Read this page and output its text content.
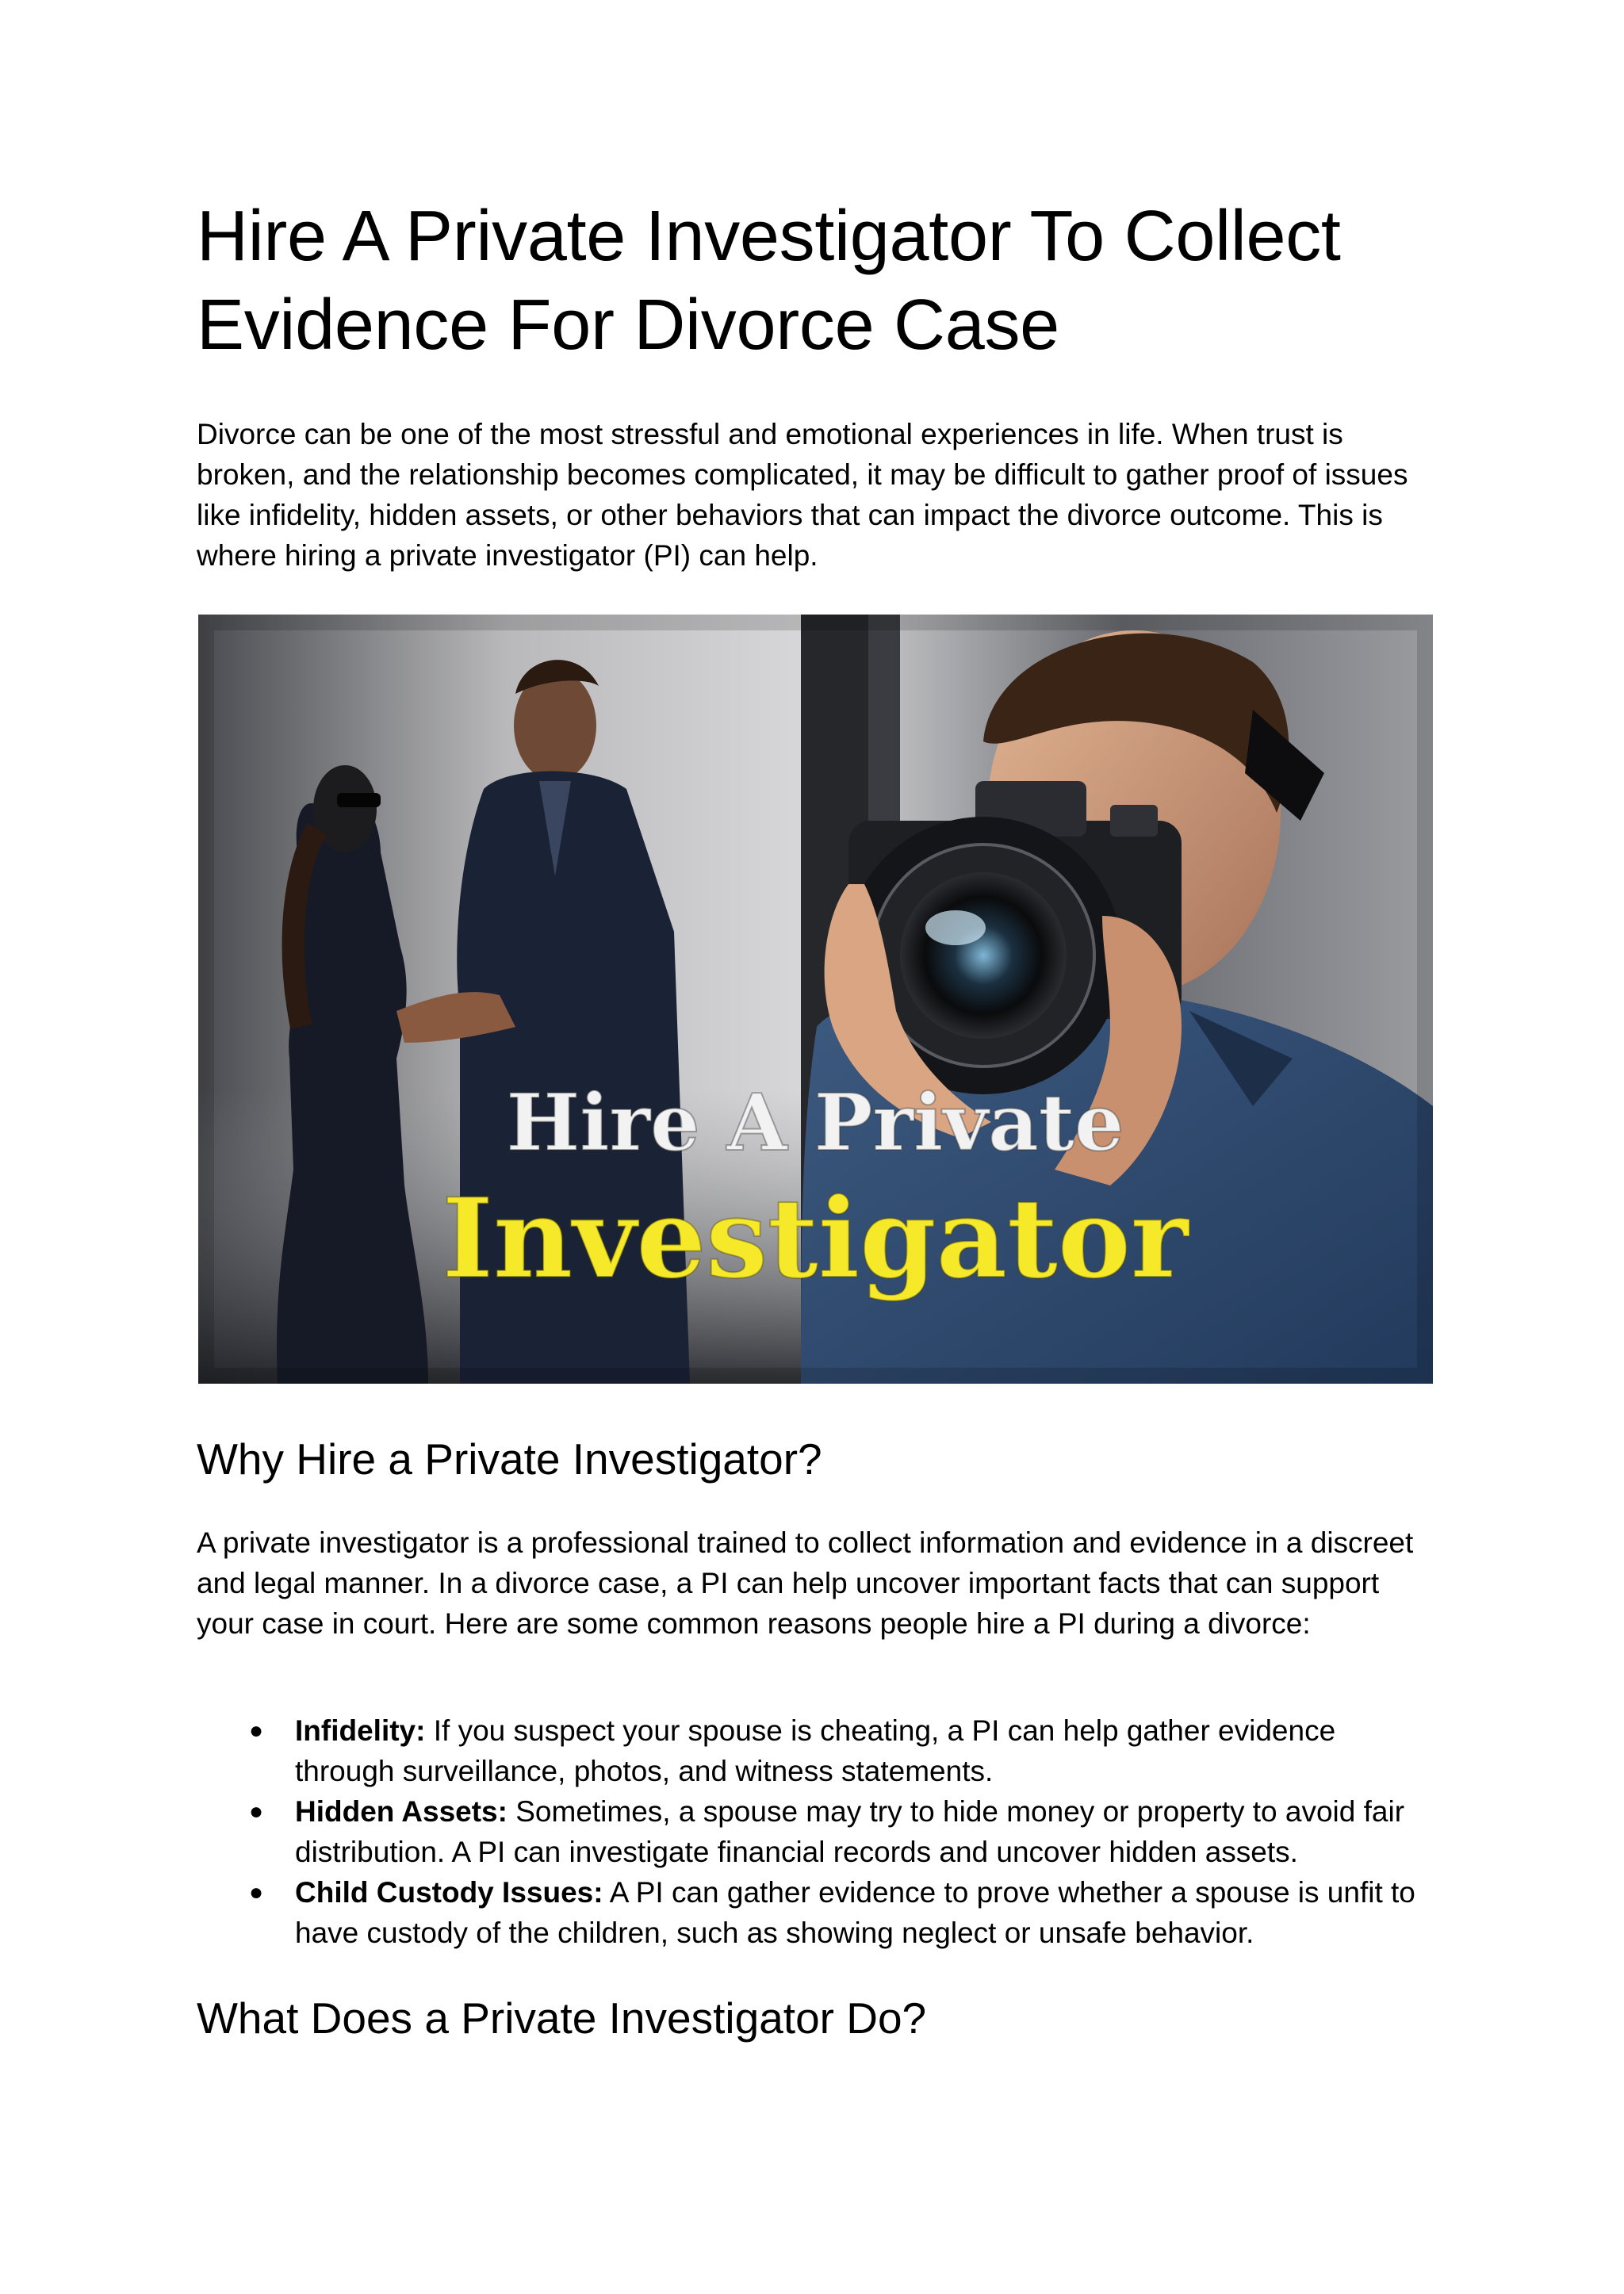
Hire A Private Investigator To Collect Evidence For Divorce Case

Divorce can be one of the most stressful and emotional experiences in life. When trust is broken, and the relationship becomes complicated, it may be difficult to gather proof of issues like infidelity, hidden assets, or other behaviors that can impact the divorce outcome. This is where hiring a private investigator (PI) can help.

Hire A Private
Investigator
Why Hire a Private Investigator?

A private investigator is a professional trained to collect information and evidence in a discreet and legal manner. In a divorce case, a PI can help uncover important facts that can support your case in court. Here are some common reasons people hire a PI during a divorce:

● Infidelity: If you suspect your spouse is cheating, a PI can help gather evidence through surveillance, photos, and witness statements.
● Hidden Assets: Sometimes, a spouse may try to hide money or property to avoid fair distribution. A PI can investigate financial records and uncover hidden assets.
● Child Custody Issues: A PI can gather evidence to prove whether a spouse is unfit to have custody of the children, such as showing neglect or unsafe behavior.
What Does a Private Investigator Do?
